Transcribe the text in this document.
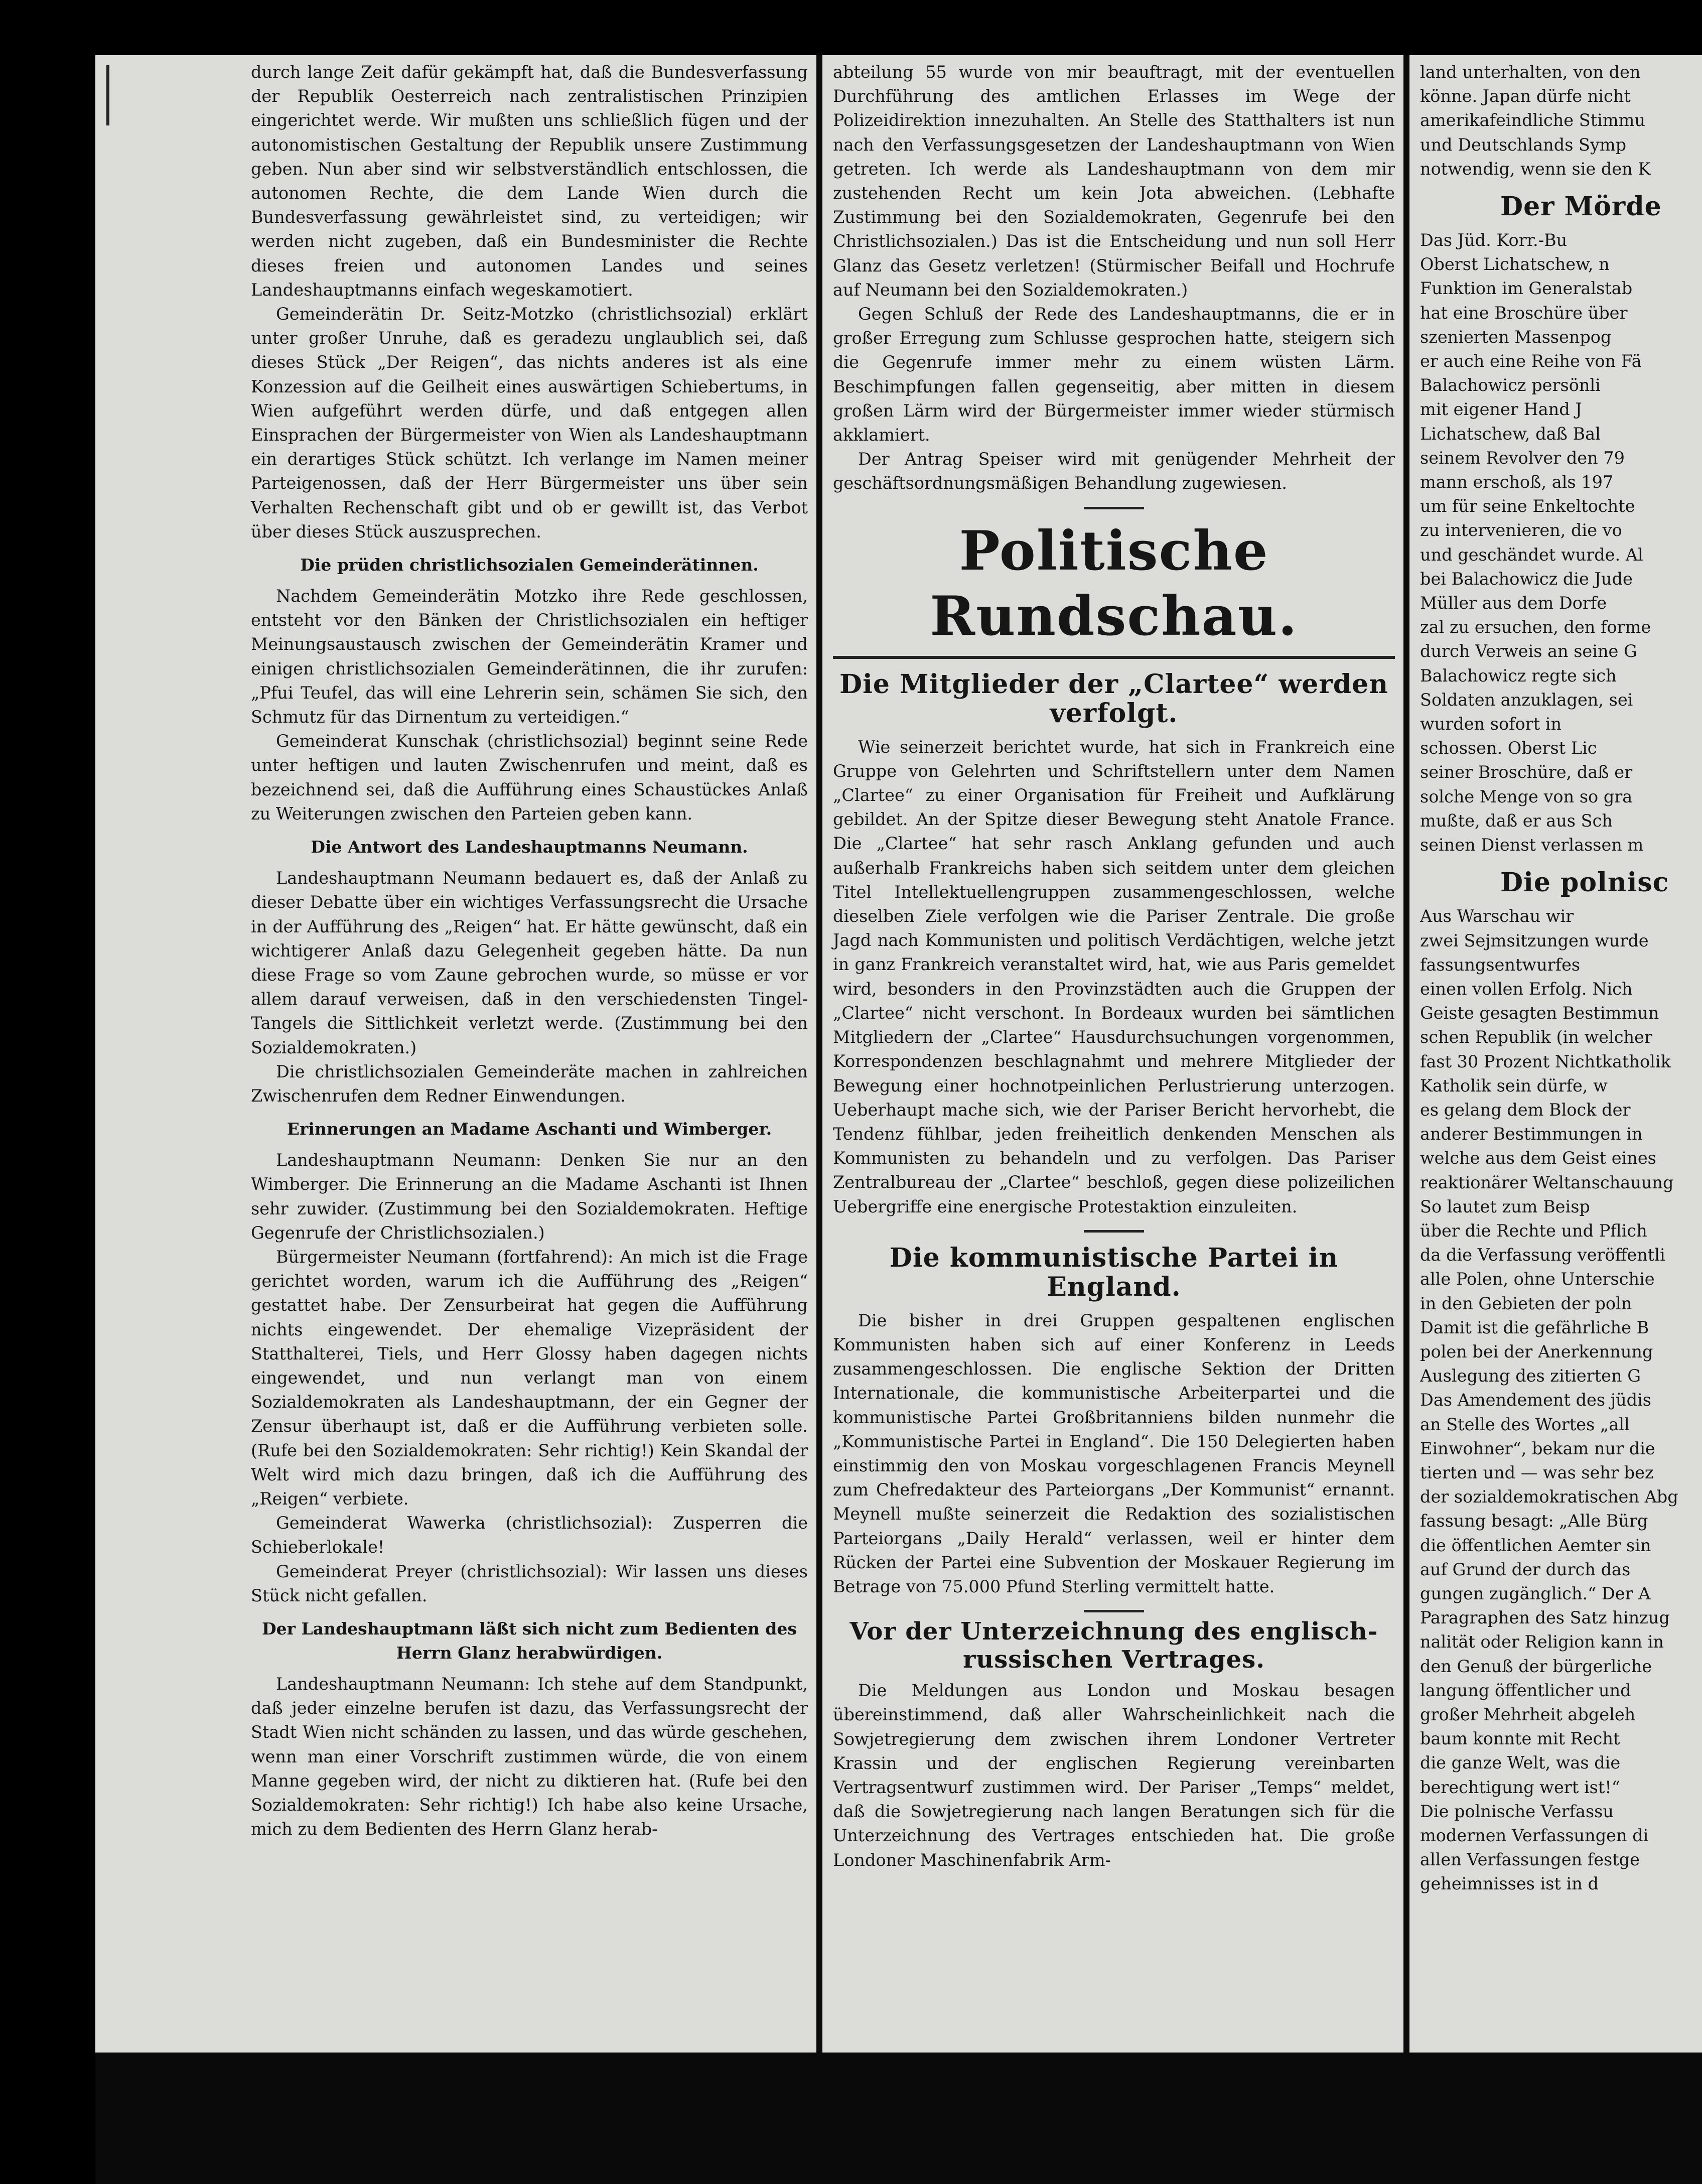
durch lange Zeit dafür gekämpft hat, daß die Bundesverfassung der Republik Oesterreich nach zentralistischen Prinzipien eingerichtet werde. Wir mußten uns schließlich fügen und der autonomistischen Gestaltung der Republik unsere Zustimmung geben. Nun aber sind wir selbstverständlich entschlossen, die autonomen Rechte, die dem Lande Wien durch die Bundesverfassung gewährleistet sind, zu verteidigen; wir werden nicht zugeben, daß ein Bundesminister die Rechte dieses freien und autonomen Landes und seines Landeshauptmanns einfach wegeskamotiert.

Gemeinderätin Dr. Seitz-Motzko (christlichsozial) erklärt unter großer Unruhe, daß es geradezu unglaublich sei, daß dieses Stück „Der Reigen“, das nichts anderes ist als eine Konzession auf die Geilheit eines auswärtigen Schiebertums, in Wien aufgeführt werden dürfe, und daß entgegen allen Einsprachen der Bürgermeister von Wien als Landeshauptmann ein derartiges Stück schützt. Ich verlange im Namen meiner Parteigenossen, daß der Herr Bürgermeister uns über sein Verhalten Rechenschaft gibt und ob er gewillt ist, das Verbot über dieses Stück auszusprechen.

Die prüden christlichsozialen Gemeinderätinnen.

Nachdem Gemeinderätin Motzko ihre Rede geschlossen, entsteht vor den Bänken der Christlichsozialen ein heftiger Meinungsaustausch zwischen der Gemeinderätin Kramer und einigen christlichsozialen Gemeinderätinnen, die ihr zurufen: „Pfui Teufel, das will eine Lehrerin sein, schämen Sie sich, den Schmutz für das Dirnentum zu verteidigen.“

Gemeinderat Kunschak (christlichsozial) beginnt seine Rede unter heftigen und lauten Zwischenrufen und meint, daß es bezeichnend sei, daß die Aufführung eines Schaustückes Anlaß zu Weiterungen zwischen den Parteien geben kann.

Die Antwort des Landeshauptmanns Neumann.

Landeshauptmann Neumann bedauert es, daß der Anlaß zu dieser Debatte über ein wichtiges Verfassungsrecht die Ursache in der Aufführung des „Reigen“ hat. Er hätte gewünscht, daß ein wichtigerer Anlaß dazu Gelegenheit gegeben hätte. Da nun diese Frage so vom Zaune gebrochen wurde, so müsse er vor allem darauf verweisen, daß in den verschiedensten Tingel-Tangels die Sittlichkeit verletzt werde. (Zustimmung bei den Sozialdemokraten.)

Die christlichsozialen Gemeinderäte machen in zahlreichen Zwischenrufen dem Redner Einwendungen.

Erinnerungen an Madame Aschanti und Wimberger.

Landeshauptmann Neumann: Denken Sie nur an den Wimberger. Die Erinnerung an die Madame Aschanti ist Ihnen sehr zuwider. (Zustimmung bei den Sozialdemokraten. Heftige Gegenrufe der Christlichsozialen.)

Bürgermeister Neumann (fortfahrend): An mich ist die Frage gerichtet worden, warum ich die Aufführung des „Reigen“ gestattet habe. Der Zensurbeirat hat gegen die Aufführung nichts eingewendet. Der ehemalige Vizepräsident der Statthalterei, Tiels, und Herr Glossy haben dagegen nichts eingewendet, und nun verlangt man von einem Sozialdemokraten als Landeshauptmann, der ein Gegner der Zensur überhaupt ist, daß er die Aufführung verbieten solle. (Rufe bei den Sozialdemokraten: Sehr richtig!) Kein Skandal der Welt wird mich dazu bringen, daß ich die Aufführung des „Reigen“ verbiete.

Gemeinderat Wawerka (christlichsozial): Zusperren die Schieberlokale!

Gemeinderat Preyer (christlichsozial): Wir lassen uns dieses Stück nicht gefallen.

Der Landeshauptmann läßt sich nicht zum Bedienten des Herrn Glanz herabwürdigen.

Landeshauptmann Neumann: Ich stehe auf dem Standpunkt, daß jeder einzelne berufen ist dazu, das Verfassungsrecht der Stadt Wien nicht schänden zu lassen, und das würde geschehen, wenn man einer Vorschrift zustimmen würde, die von einem Manne gegeben wird, der nicht zu diktieren hat. (Rufe bei den Sozialdemokraten: Sehr richtig!) Ich habe also keine Ursache, mich zu dem Bedienten des Herrn Glanz herab-

abteilung 55 wurde von mir beauftragt, mit der eventuellen Durchführung des amtlichen Erlasses im Wege der Polizeidirektion innezuhalten. An Stelle des Statthalters ist nun nach den Verfassungsgesetzen der Landeshauptmann von Wien getreten. Ich werde als Landeshauptmann von dem mir zustehenden Recht um kein Jota abweichen. (Lebhafte Zustimmung bei den Sozialdemokraten, Gegenrufe bei den Christlichsozialen.) Das ist die Entscheidung und nun soll Herr Glanz das Gesetz verletzen! (Stürmischer Beifall und Hochrufe auf Neumann bei den Sozialdemokraten.)

Gegen Schluß der Rede des Landeshauptmanns, die er in großer Erregung zum Schlusse gesprochen hatte, steigern sich die Gegenrufe immer mehr zu einem wüsten Lärm. Beschimpfungen fallen gegenseitig, aber mitten in diesem großen Lärm wird der Bürgermeister immer wieder stürmisch akklamiert.

Der Antrag Speiser wird mit genügender Mehrheit der geschäftsordnungsmäßigen Behandlung zugewiesen.

Politische Rundschau.
Die Mitglieder der „Clartee“ werden verfolgt.

Wie seinerzeit berichtet wurde, hat sich in Frankreich eine Gruppe von Gelehrten und Schriftstellern unter dem Namen „Clartee“ zu einer Organisation für Freiheit und Aufklärung gebildet. An der Spitze dieser Bewegung steht Anatole France. Die „Clartee“ hat sehr rasch Anklang gefunden und auch außerhalb Frankreichs haben sich seitdem unter dem gleichen Titel Intellektuellengruppen zusammengeschlossen, welche dieselben Ziele verfolgen wie die Pariser Zentrale. Die große Jagd nach Kommunisten und politisch Verdächtigen, welche jetzt in ganz Frankreich veranstaltet wird, hat, wie aus Paris gemeldet wird, besonders in den Provinzstädten auch die Gruppen der „Clartee“ nicht verschont. In Bordeaux wurden bei sämtlichen Mitgliedern der „Clartee“ Hausdurchsuchungen vorgenommen, Korrespondenzen beschlagnahmt und mehrere Mitglieder der Bewegung einer hochnotpeinlichen Perlustrierung unterzogen. Ueberhaupt mache sich, wie der Pariser Bericht hervorhebt, die Tendenz fühlbar, jeden freiheitlich denkenden Menschen als Kommunisten zu behandeln und zu verfolgen. Das Pariser Zentralbureau der „Clartee“ beschloß, gegen diese polizeilichen Uebergriffe eine energische Protestaktion einzuleiten.

Die kommunistische Partei in England.

Die bisher in drei Gruppen gespaltenen englischen Kommunisten haben sich auf einer Konferenz in Leeds zusammengeschlossen. Die englische Sektion der Dritten Internationale, die kommunistische Arbeiterpartei und die kommunistische Partei Großbritanniens bilden nunmehr die „Kommunistische Partei in England“. Die 150 Delegierten haben einstimmig den von Moskau vorgeschlagenen Francis Meynell zum Chefredakteur des Parteiorgans „Der Kommunist“ ernannt. Meynell mußte seinerzeit die Redaktion des sozialistischen Parteiorgans „Daily Herald“ verlassen, weil er hinter dem Rücken der Partei eine Subvention der Moskauer Regierung im Betrage von 75.000 Pfund Sterling vermittelt hatte.

Vor der Unterzeichnung des englisch-russischen Vertrages.

Die Meldungen aus London und Moskau besagen übereinstimmend, daß aller Wahrscheinlichkeit nach die Sowjetregierung dem zwischen ihrem Londoner Vertreter Krassin und der englischen Regierung vereinbarten Vertragsentwurf zustimmen wird. Der Pariser „Temps“ meldet, daß die Sowjetregierung nach langen Beratungen sich für die Unterzeichnung des Vertrages entschieden hat. Die große Londoner Maschinenfabrik Arm-

land unterhalten, von den

könne. Japan dürfe nicht

amerikafeindliche Stimmu

und Deutschlands Symp

notwendig, wenn sie den K

Der Mörde

Das Jüd. Korr.-Bu

Oberst Lichatschew, n

Funktion im Generalstab

hat eine Broschüre über

szenierten Massenpog

er auch eine Reihe von Fä

Balachowicz persönli

mit eigener Hand J

Lichatschew, daß Bal

seinem Revolver den 79

mann erschoß, als 197

um für seine Enkeltochte

zu intervenieren, die vo

und geschändet wurde. Al

bei Balachowicz die Jude

Müller aus dem Dorfe

zal zu ersuchen, den forme

durch Verweis an seine G

Balachowicz regte sich

Soldaten anzuklagen, sei

wurden sofort in

schossen. Oberst Lic

seiner Broschüre, daß er

solche Menge von so gra

mußte, daß er aus Sch

seinen Dienst verlassen m

Die polnisc

Aus Warschau wir

zwei Sejmsitzungen wurde

fassungsentwurfes

einen vollen Erfolg. Nich

Geiste gesagten Bestimmun

schen Republik (in welcher

fast 30 Prozent Nichtkatholik

Katholik sein dürfe, w

es gelang dem Block der

anderer Bestimmungen in

welche aus dem Geist eines

reaktionärer Weltanschauung

So lautet zum Beisp

über die Rechte und Pflich

da die Verfassung veröffentli

alle Polen, ohne Unterschie

in den Gebieten der poln

Damit ist die gefährliche B

polen bei der Anerkennung

Auslegung des zitierten G

Das Amendement des jüdis

an Stelle des Wortes „all

Einwohner“, bekam nur die

tierten und — was sehr bez

der sozialdemokratischen Abg

fassung besagt: „Alle Bürg

die öffentlichen Aemter sin

auf Grund der durch das

gungen zugänglich.“ Der A

Paragraphen des Satz hinzug

nalität oder Religion kann in

den Genuß der bürgerliche

langung öffentlicher und

großer Mehrheit abgeleh

baum konnte mit Recht

die ganze Welt, was die

berechtigung wert ist!“

Die polnische Verfassu

modernen Verfassungen di

allen Verfassungen festge

geheimnisses ist in d
